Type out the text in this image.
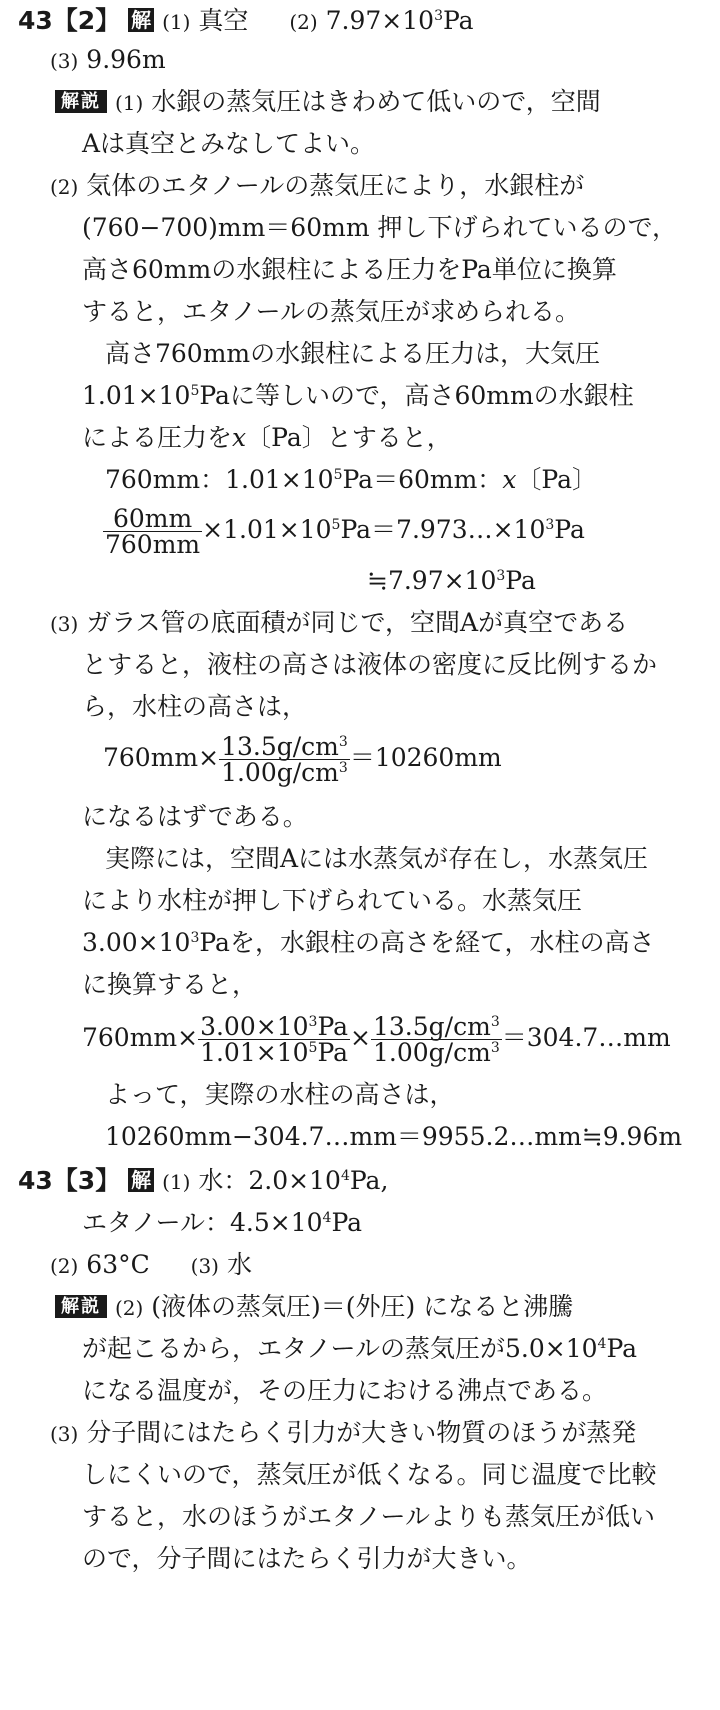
43【2】 解 (1) 真空   (2) $7.97\times 10^3Pa$
(3) 9.96m
解説 (1) 水銀の蒸気圧はきわめて低いので，空間
Aは真空とみなしてよい。
(2) 気体のエタノールの蒸気圧により，水銀柱が
(760−700)mm＝60mm 押し下げられているので，
高さ60mmの水銀柱による圧力をPa単位に換算
すると，エタノールの蒸気圧が求められる。
高さ760mmの水銀柱による圧力は，大気圧
$1.01\times 10^5Pa$に等しいので，高さ60mmの水銀柱
による圧力をx〔Pa〕とすると，
760mm：$1.01\times 10^5Pa=60mm$：x〔Pa〕
$\frac{60mm}{760mm}$ $\times 1.01\times 10^5Pa=7.973\dots\times 10^3Pa$
$≒7.97\times 10^3Pa$
(3) ガラス管の底面積が同じで，空間Aが真空である
とすると，液柱の高さは液体の密度に反比例するか
ら，水柱の高さは，
$760mm\times \frac{13.5g/cm^3}{1.00g/cm^3} =10260mm$
になるはずである。
実際には，空間Aには水蒸気が存在し，水蒸気圧
により水柱が押し下げられている。水蒸気圧
$3.00\times 10^3Pa$を，水銀柱の高さを経て，水柱の高さ
に換算すると，
$760mm\times \frac{3.00\times 10^3Pa}{1.01\times 10^5Pa} \times \frac{13.5g/cm^3}{1.00g/cm^3}$ ＝304.7…mm
よって，実際の水柱の高さは，
10260mm−304.7…mm＝9955.2…mm≒9.96m
43【3】 解 (1) 水：$2.0\times 10^4Pa$,
エタノール：$4.5\times 10^4Pa$
(2) 63°C   (3) 水
解説 (2) (液体の蒸気圧)＝(外圧) になると沸騰
が起こるから，エタノールの蒸気圧が$5.0\times 10^4Pa$
になる温度が，その圧力における沸点である。
(3) 分子間にはたらく引力が大きい物質のほうが蒸発
しにくいので，蒸気圧が低くなる。同じ温度で比較
すると，水のほうがエタノールよりも蒸気圧が低い
ので，分子間にはたらく引力が大きい。
